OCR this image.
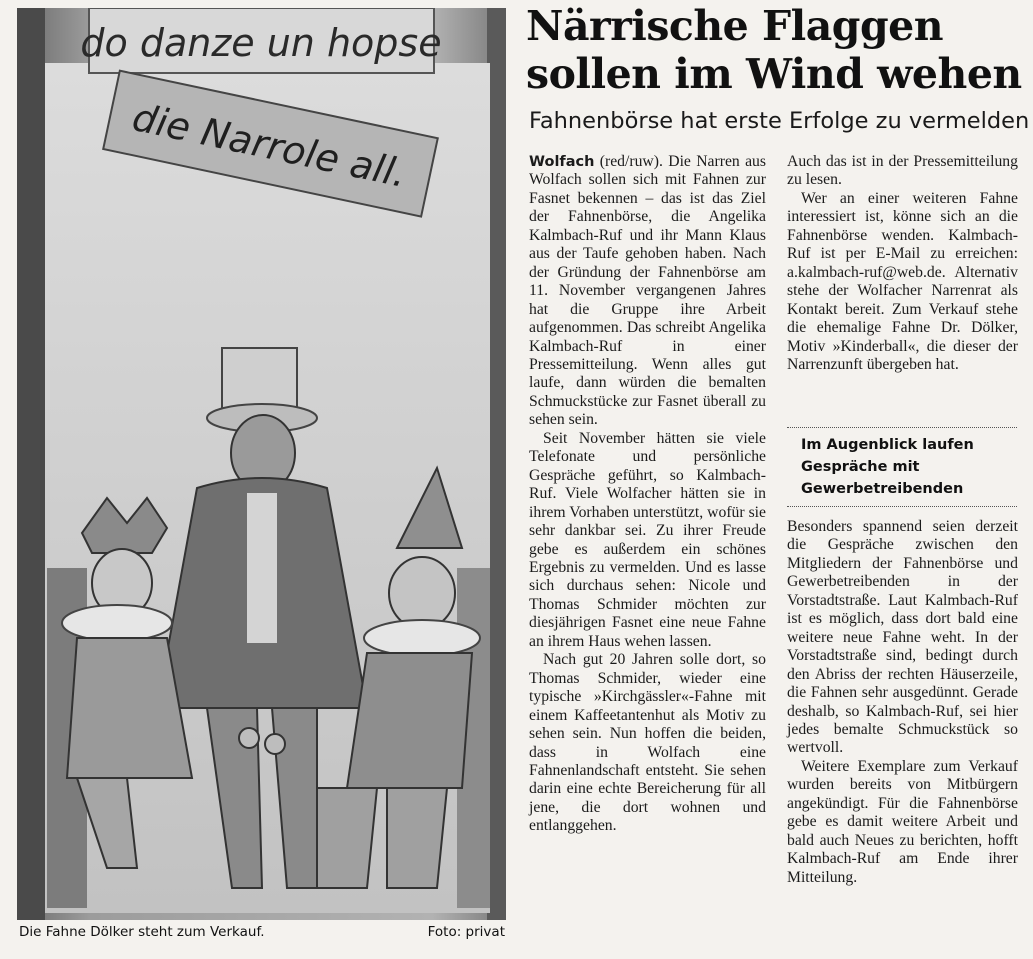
do danze un hopse
die Narrole all.
Die Fahne Dölker steht zum Verkauf.	Foto: privat
Närrische Flaggen
sollen im Wind wehen
Fahnenbörse hat erste Erfolge zu vermelden

Wolfach (red/ruw). Die Narren aus Wolfach sollen sich mit Fahnen zur Fasnet bekennen – das ist das Ziel der Fahnenbörse, die Angelika Kalmbach-Ruf und ihr Mann Klaus aus der Taufe gehoben haben. Nach der Gründung der Fahnenbörse am 11. November vergangenen Jahres hat die Gruppe ihre Arbeit aufgenommen. Das schreibt Angelika Kalmbach-Ruf in einer Pressemitteilung. Wenn alles gut laufe, dann würden die bemalten Schmuckstücke zur Fasnet überall zu sehen sein.

Seit November hätten sie viele Telefonate und persönliche Gespräche geführt, so Kalmbach-Ruf. Viele Wolfacher hätten sie in ihrem Vorhaben unterstützt, wofür sie sehr dankbar sei. Zu ihrer Freude gebe es außerdem ein schönes Ergebnis zu vermelden. Und es lasse sich durchaus sehen: Nicole und Thomas Schmider möchten zur diesjährigen Fasnet eine neue Fahne an ihrem Haus wehen lassen.

Nach gut 20 Jahren solle dort, so Thomas Schmider, wieder eine typische »Kirchgässler«-Fahne mit einem Kaffeetantenhut als Motiv zu sehen sein. Nun hoffen die beiden, dass in Wolfach eine Fahnenlandschaft entsteht. Sie sehen darin eine echte Bereicherung für all jene, die dort wohnen und entlanggehen.

Auch das ist in der Pressemitteilung zu lesen.

Wer an einer weiteren Fahne interessiert ist, könne sich an die Fahnenbörse wenden. Kalmbach-Ruf ist per E-Mail zu erreichen: a.kalmbach-ruf@web.de. Alternativ stehe der Wolfacher Narrenrat als Kontakt bereit. Zum Verkauf stehe die ehemalige Fahne Dr. Dölker, Motiv »Kinderball«, die dieser der Narrenzunft übergeben hat.

Im Augenblick laufen Gespräche mit Gewerbetreibenden

Besonders spannend seien derzeit die Gespräche zwischen den Mitgliedern der Fahnenbörse und Gewerbetreibenden in der Vorstadtstraße. Laut Kalmbach-Ruf ist es möglich, dass dort bald eine weitere neue Fahne weht. In der Vorstadtstraße sind, bedingt durch den Abriss der rechten Häuserzeile, die Fahnen sehr ausgedünnt. Gerade deshalb, so Kalmbach-Ruf, sei hier jedes bemalte Schmuckstück so wertvoll.

Weitere Exemplare zum Verkauf wurden bereits von Mitbürgern angekündigt. Für die Fahnenbörse gebe es damit weitere Arbeit und bald auch Neues zu berichten, hofft Kalmbach-Ruf am Ende ihrer Mitteilung.
